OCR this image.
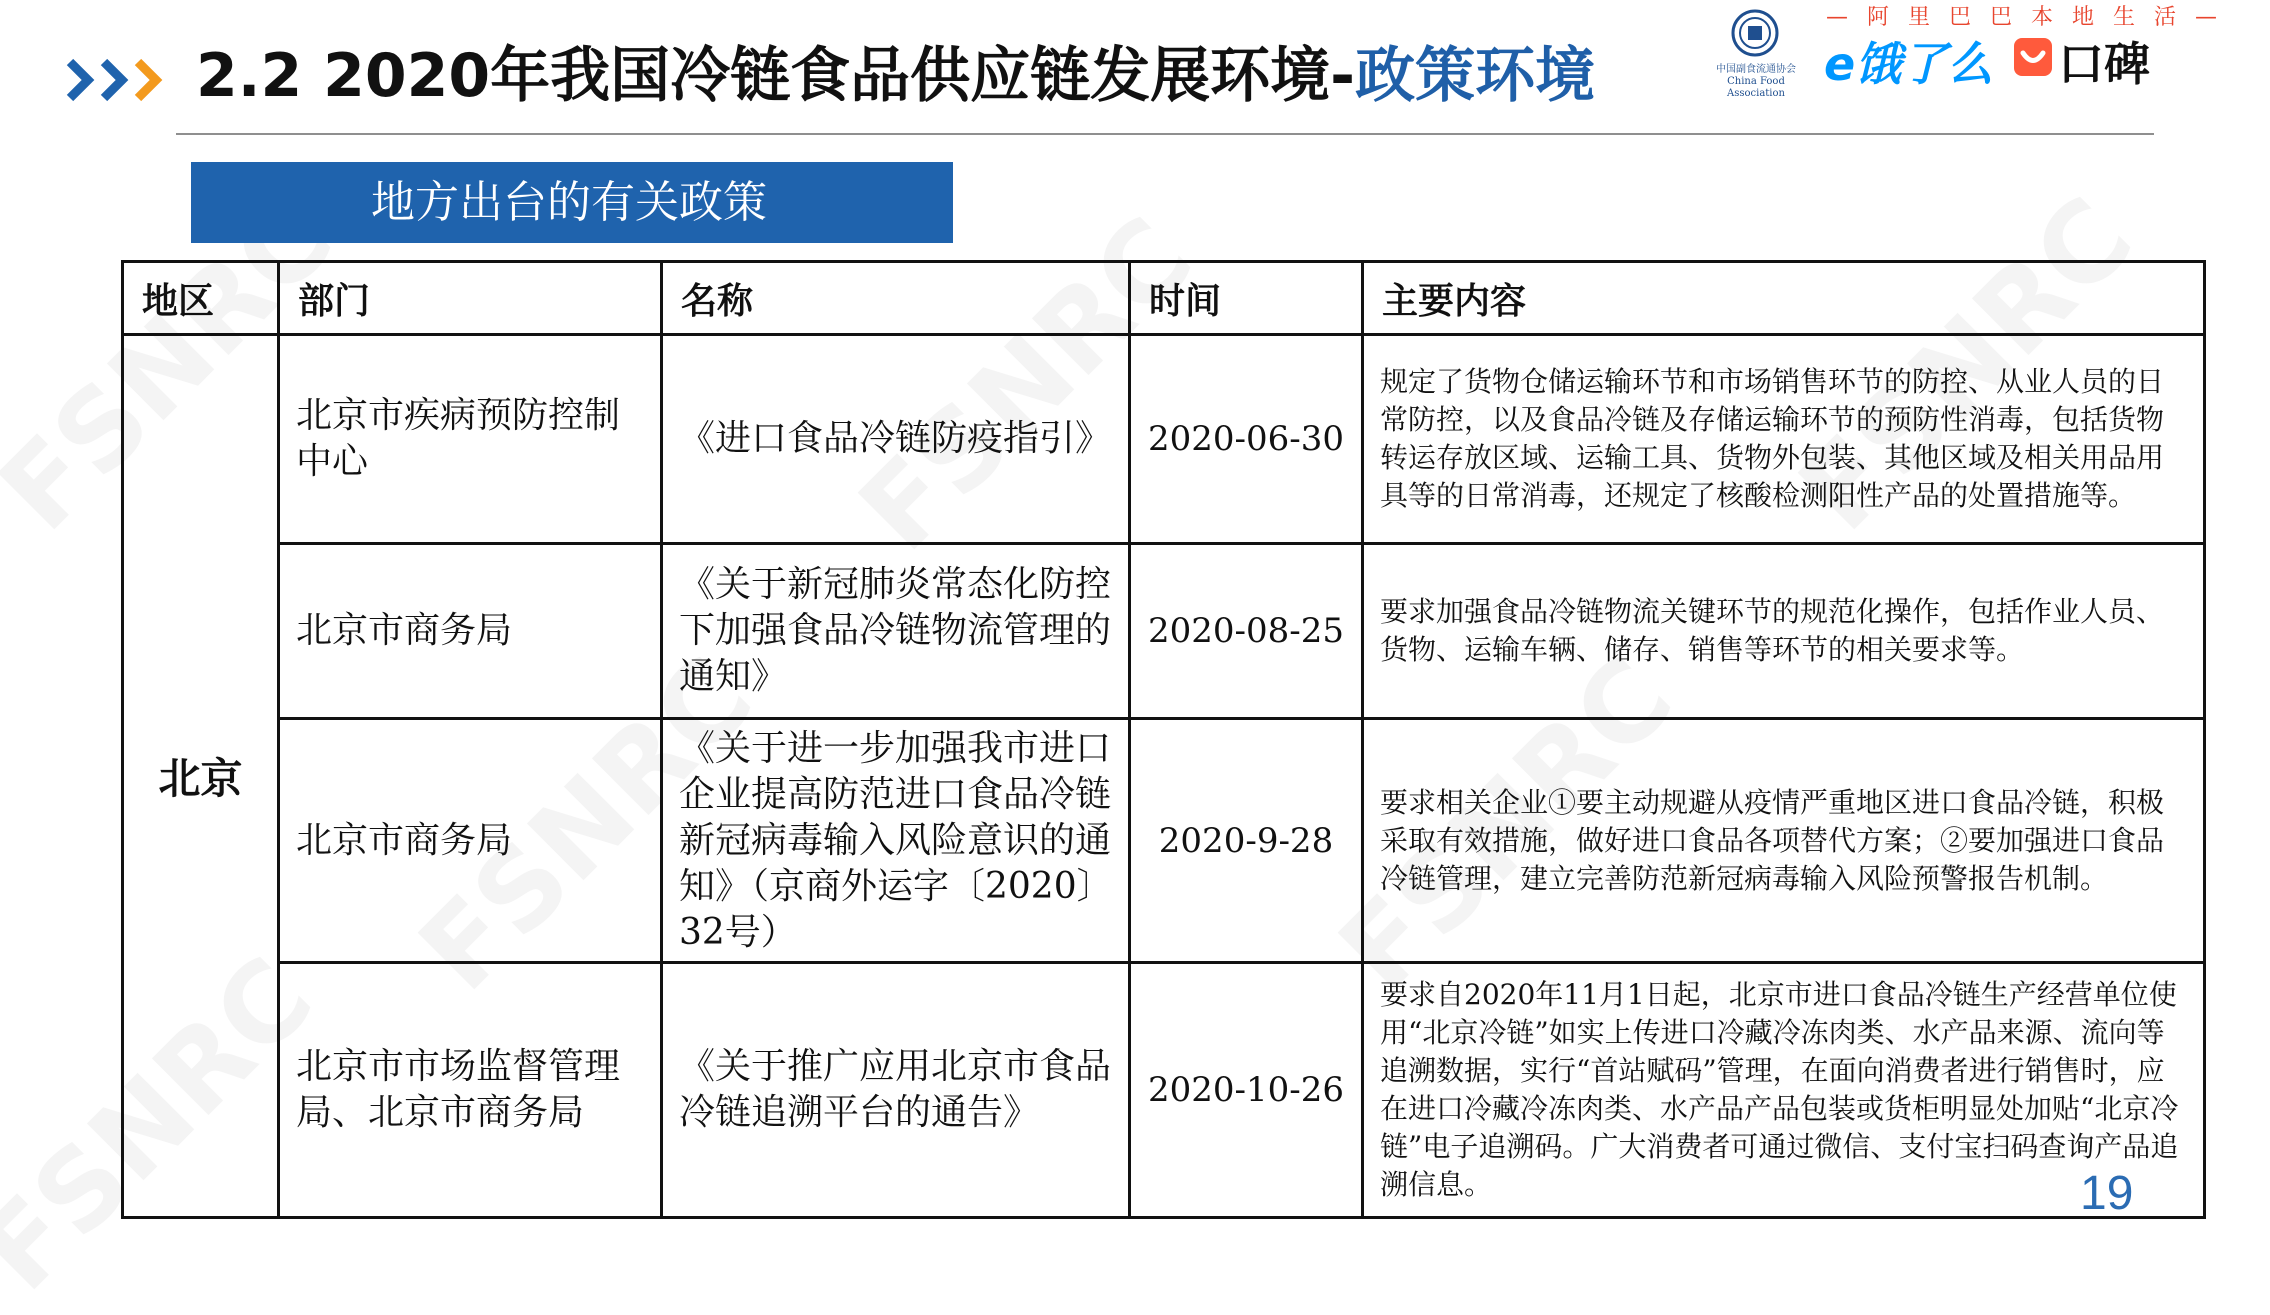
2.2 2020年我国冷链食品供应链发展环境-政策环境	中国副食流通协会
China Food Association
— 阿 里 巴 巴 本 地 生 活 —
e饿了么 口碑
地方出台的有关政策
地区	部门	名称	时间	主要内容
北京	北京市疾病预防控制中心	《进口食品冷链防疫指引》	2020-06-30	规定了货物仓储运输环节和市场销售环节的防控、从业人员的日常防控，以及食品冷链及存储运输环节的预防性消毒，包括货物转运存放区域、运输工具、货物外包装、其他区域及相关用品用具等的日常消毒，还规定了核酸检测阳性产品的处置措施等。
	北京市商务局	《关于新冠肺炎常态化防控下加强食品冷链物流管理的通知》	2020-08-25	要求加强食品冷链物流关键环节的规范化操作，包括作业人员、货物、运输车辆、储存、销售等环节的相关要求等。
	北京市商务局	《关于进一步加强我市进口企业提高防范进口食品冷链新冠病毒输入风险意识的通知》（京商外运字〔2020〕32号）	2020-9-28	要求相关企业①要主动规避从疫情严重地区进口食品冷链，积极采取有效措施，做好进口食品各项替代方案；②要加强进口食品冷链管理，建立完善防范新冠病毒输入风险预警报告机制。
	北京市市场监督管理局、北京市商务局	《关于推广应用北京市食品冷链追溯平台的通告》	2020-10-26	要求自2020年11月1日起，北京市进口食品冷链生产经营单位使用“北京冷链”如实上传进口冷藏冷冻肉类、水产品来源、流向等追溯数据，实行“首站赋码”管理，在面向消费者进行销售时，应在进口冷藏冷冻肉类、水产品产品包装或货柜明显处加贴“北京冷链”电子追溯码。广大消费者可通过微信、支付宝扫码查询产品追溯信息。	19
